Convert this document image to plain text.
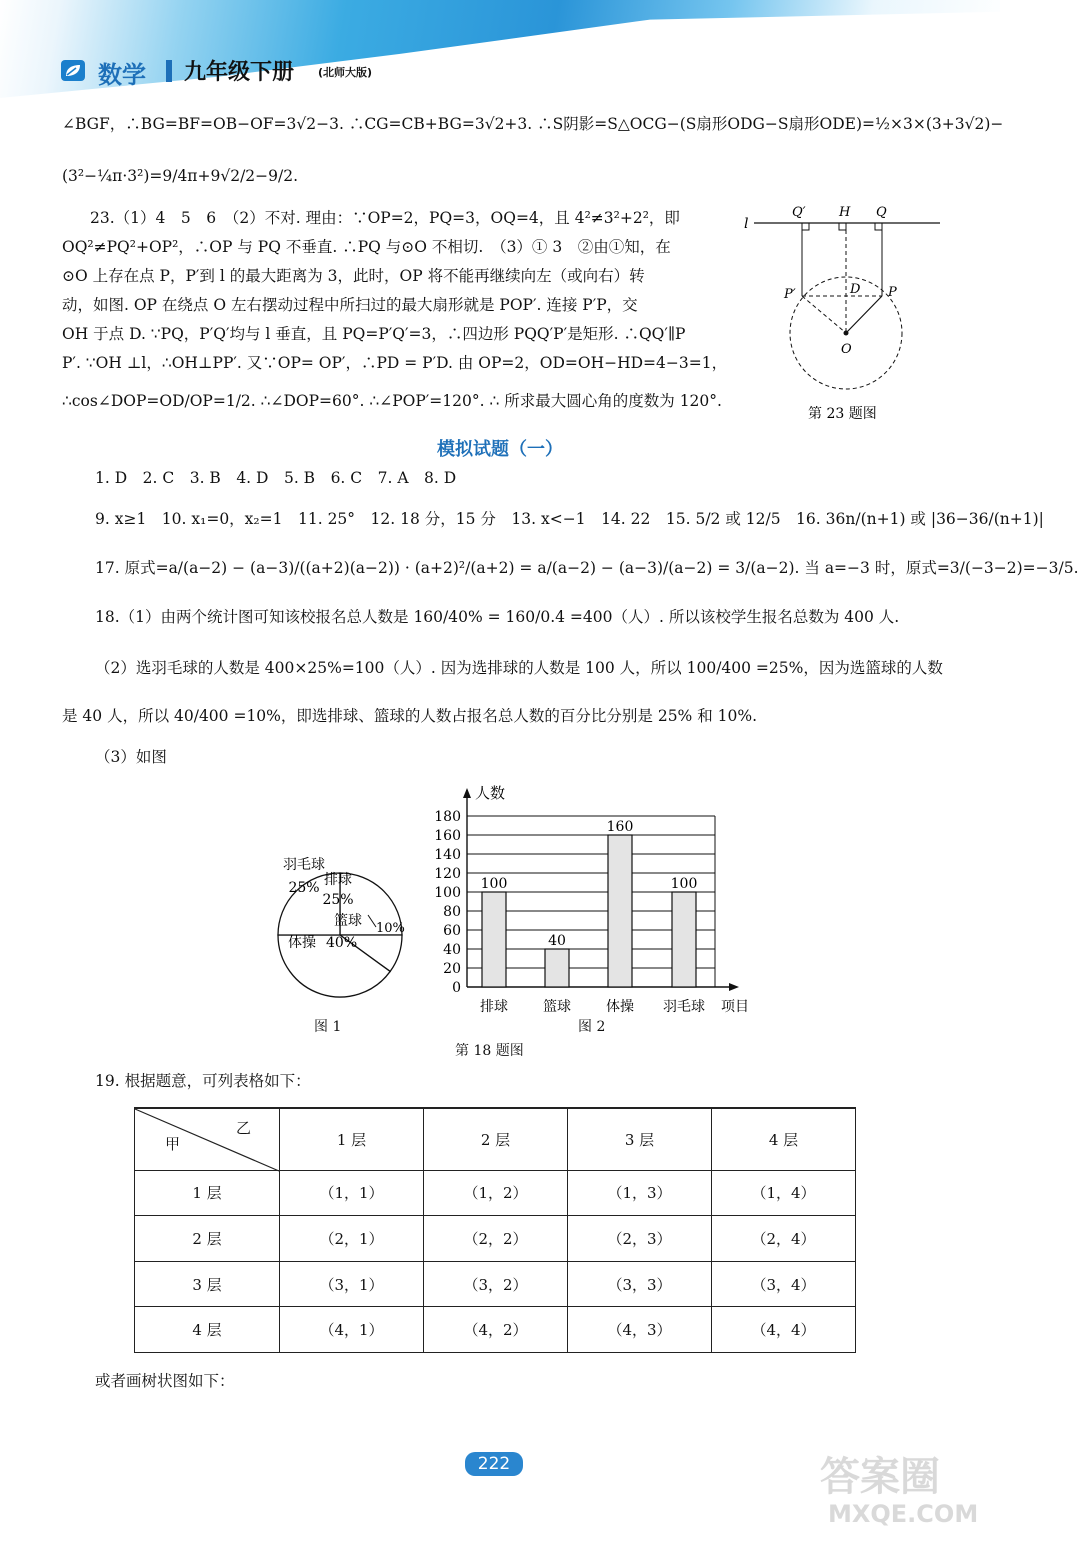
数学 九年级下册 (北师大版)
∠BGF，∴BG=BF=OB−OF=3√2−3. ∴CG=CB+BG=3√2+3. ∴S阴影=S△OCG−(S扇形ODG−S扇形ODE)=½×3×(3+3√2)−
(3²−¼π·3²)=9/4π+9√2/2−9/2.
23.（1）4　5　6　（2）不对. 理由：∵OP=2，PQ=3，OQ=4，且 4²≠3²+2²，即
OQ²≠PQ²+OP²，∴OP 与 PQ 不垂直. ∴PQ 与⊙O 不相切.　（3）① 3　②由①知，在
⊙O 上存在点 P，P′到 l 的最大距离为 3，此时，OP 将不能再继续向左（或向右）转
动，如图. OP 在绕点 O 左右摆动过程中所扫过的最大扇形就是 POP′. 连接 P′P，交
OH 于点 D. ∵PQ，P′Q′均与 l 垂直，且 PQ=P′Q′=3，∴四边形 PQQ′P′是矩形. ∴QQ′∥P
P′. ∵OH ⊥l，∴OH⊥PP′. 又∵OP= OP′，∴PD = P′D. 由 OP=2，OD=OH−HD=4−3=1，
∴cos∠DOP=OD/OP=1/2. ∴∠DOP=60°. ∴∠POP′=120°. ∴ 所求最大圆心角的度数为 120°.
l
Q′	H Q
P′	D P
O
第 23 题图
模拟试题（一）
1. D　2. C　3. B　4. D　5. B　6. C　7. A　8. D
9. x≥1　10. x₁=0，x₂=1　11. 25°　12. 18 分，15 分　13. x<−1　14. 22　15. 5/2 或 12/5　16. 36n/(n+1) 或 |36−36/(n+1)|
17. 原式=a/(a−2) − (a−3)/((a+2)(a−2)) · (a+2)²/(a+2) = a/(a−2) − (a−3)/(a−2) = 3/(a−2). 当 a=−3 时，原式=3/(−3−2)=−3/5.
18.（1）由两个统计图可知该校报名总人数是 160/40% = 160/0.4 =400（人）. 所以该校学生报名总数为 400 人.
（2）选羽毛球的人数是 400×25%=100（人）. 因为选排球的人数是 100 人，所以 100/400 =25%，因为选篮球的人数
是 40 人，所以 40/400 =10%，即选排球、篮球的人数占报名总人数的百分比分别是 25% 和 10%.
（3）如图
羽毛球
25% 排球
25%
篮球
体操 40%
10%
图 1
0
20
40
60
80
100
120
140
160
180
人数
项目
100
排球
40
篮球
160
体操
100
羽毛球
图 2
第 18 题图
19. 根据题意，可列表格如下：
甲
乙	1 层	2 层	3 层	4 层
1 层	（1，1）	（1，2）	（1，3）	（1，4）
2 层	（2，1）	（2，2）	（2，3）	（2，4）
3 层	（3，1）	（3，2）	（3，3）	（3，4）
4 层	（4，1）	（4，2）	（4，3）	（4，4）
或者画树状图如下：
222	答案圈
MXQE.COM
